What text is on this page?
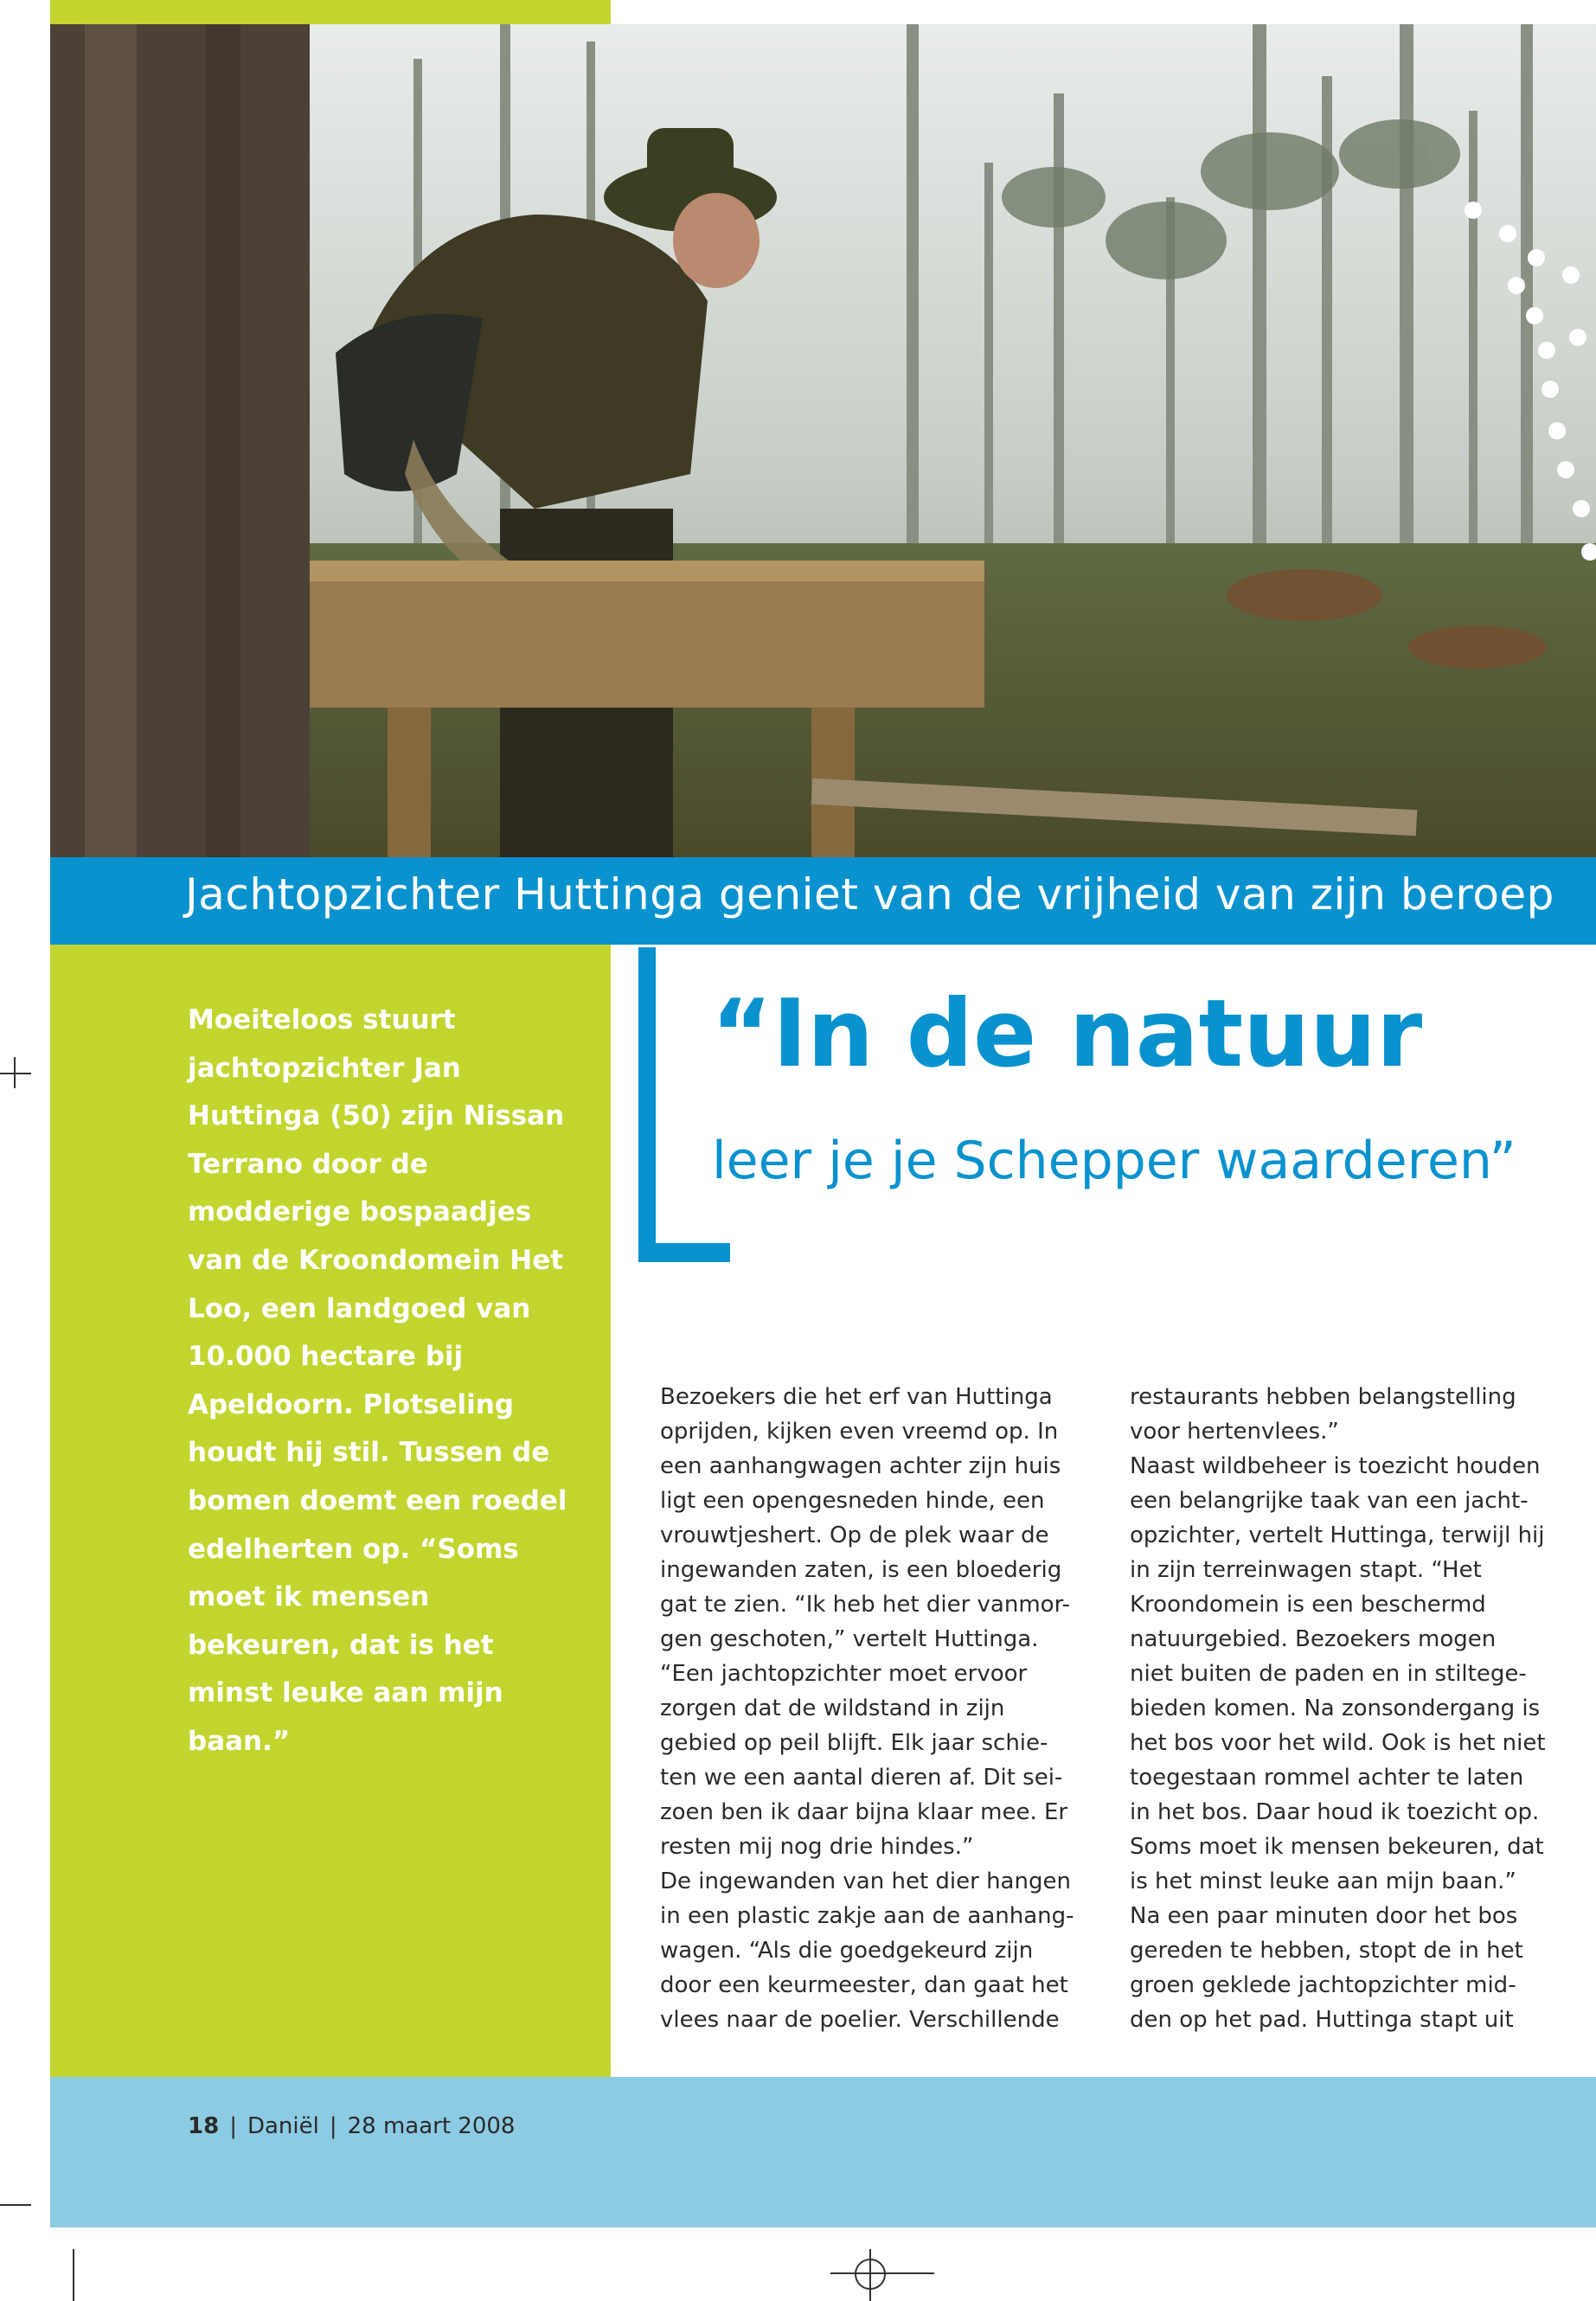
Jachtopzichter Huttinga geniet van de vrijheid van zijn beroep

Moeiteloos stuurt jachtopzichter Jan Huttinga (50) zijn Nissan Terrano door de modderige bospaadjes van de Kroondomein Het Loo, een landgoed van 10.000 hectare bij Apeldoorn. Plotseling houdt hij stil. Tussen de bomen doemt een roedel edelherten op. “Soms moet ik mensen bekeuren, dat is het minst leuke aan mijn baan.”

“In de natuur
leer je je Schepper waarderen”
Bezoekers die het erf van Huttinga
oprijden, kijken even vreemd op. In
een aanhangwagen achter zijn huis
ligt een opengesneden hinde, een
vrouwtjeshert. Op de plek waar de
ingewanden zaten, is een bloederig
gat te zien. “Ik heb het dier vanmor-
gen geschoten,” vertelt Huttinga.
“Een jachtopzichter moet ervoor
zorgen dat de wildstand in zijn
gebied op peil blijft. Elk jaar schie-
ten we een aantal dieren af. Dit sei-
zoen ben ik daar bijna klaar mee. Er
resten mij nog drie hindes.”
De ingewanden van het dier hangen
in een plastic zakje aan de aanhang-
wagen. “Als die goedgekeurd zijn
door een keurmeester, dan gaat het
vlees naar de poelier. Verschillende
restaurants hebben belangstelling
voor hertenvlees.”
Naast wildbeheer is toezicht houden
een belangrijke taak van een jacht-
opzichter, vertelt Huttinga, terwijl hij
in zijn terreinwagen stapt. “Het
Kroondomein is een beschermd
natuurgebied. Bezoekers mogen
niet buiten de paden en in stiltege-
bieden komen. Na zonsondergang is
het bos voor het wild. Ook is het niet
toegestaan rommel achter te laten
in het bos. Daar houd ik toezicht op.
Soms moet ik mensen bekeuren, dat
is het minst leuke aan mijn baan.”
Na een paar minuten door het bos
gereden te hebben, stopt de in het
groen geklede jachtopzichter mid-
den op het pad. Huttinga stapt uit
18 | Daniël | 28 maart 2008
